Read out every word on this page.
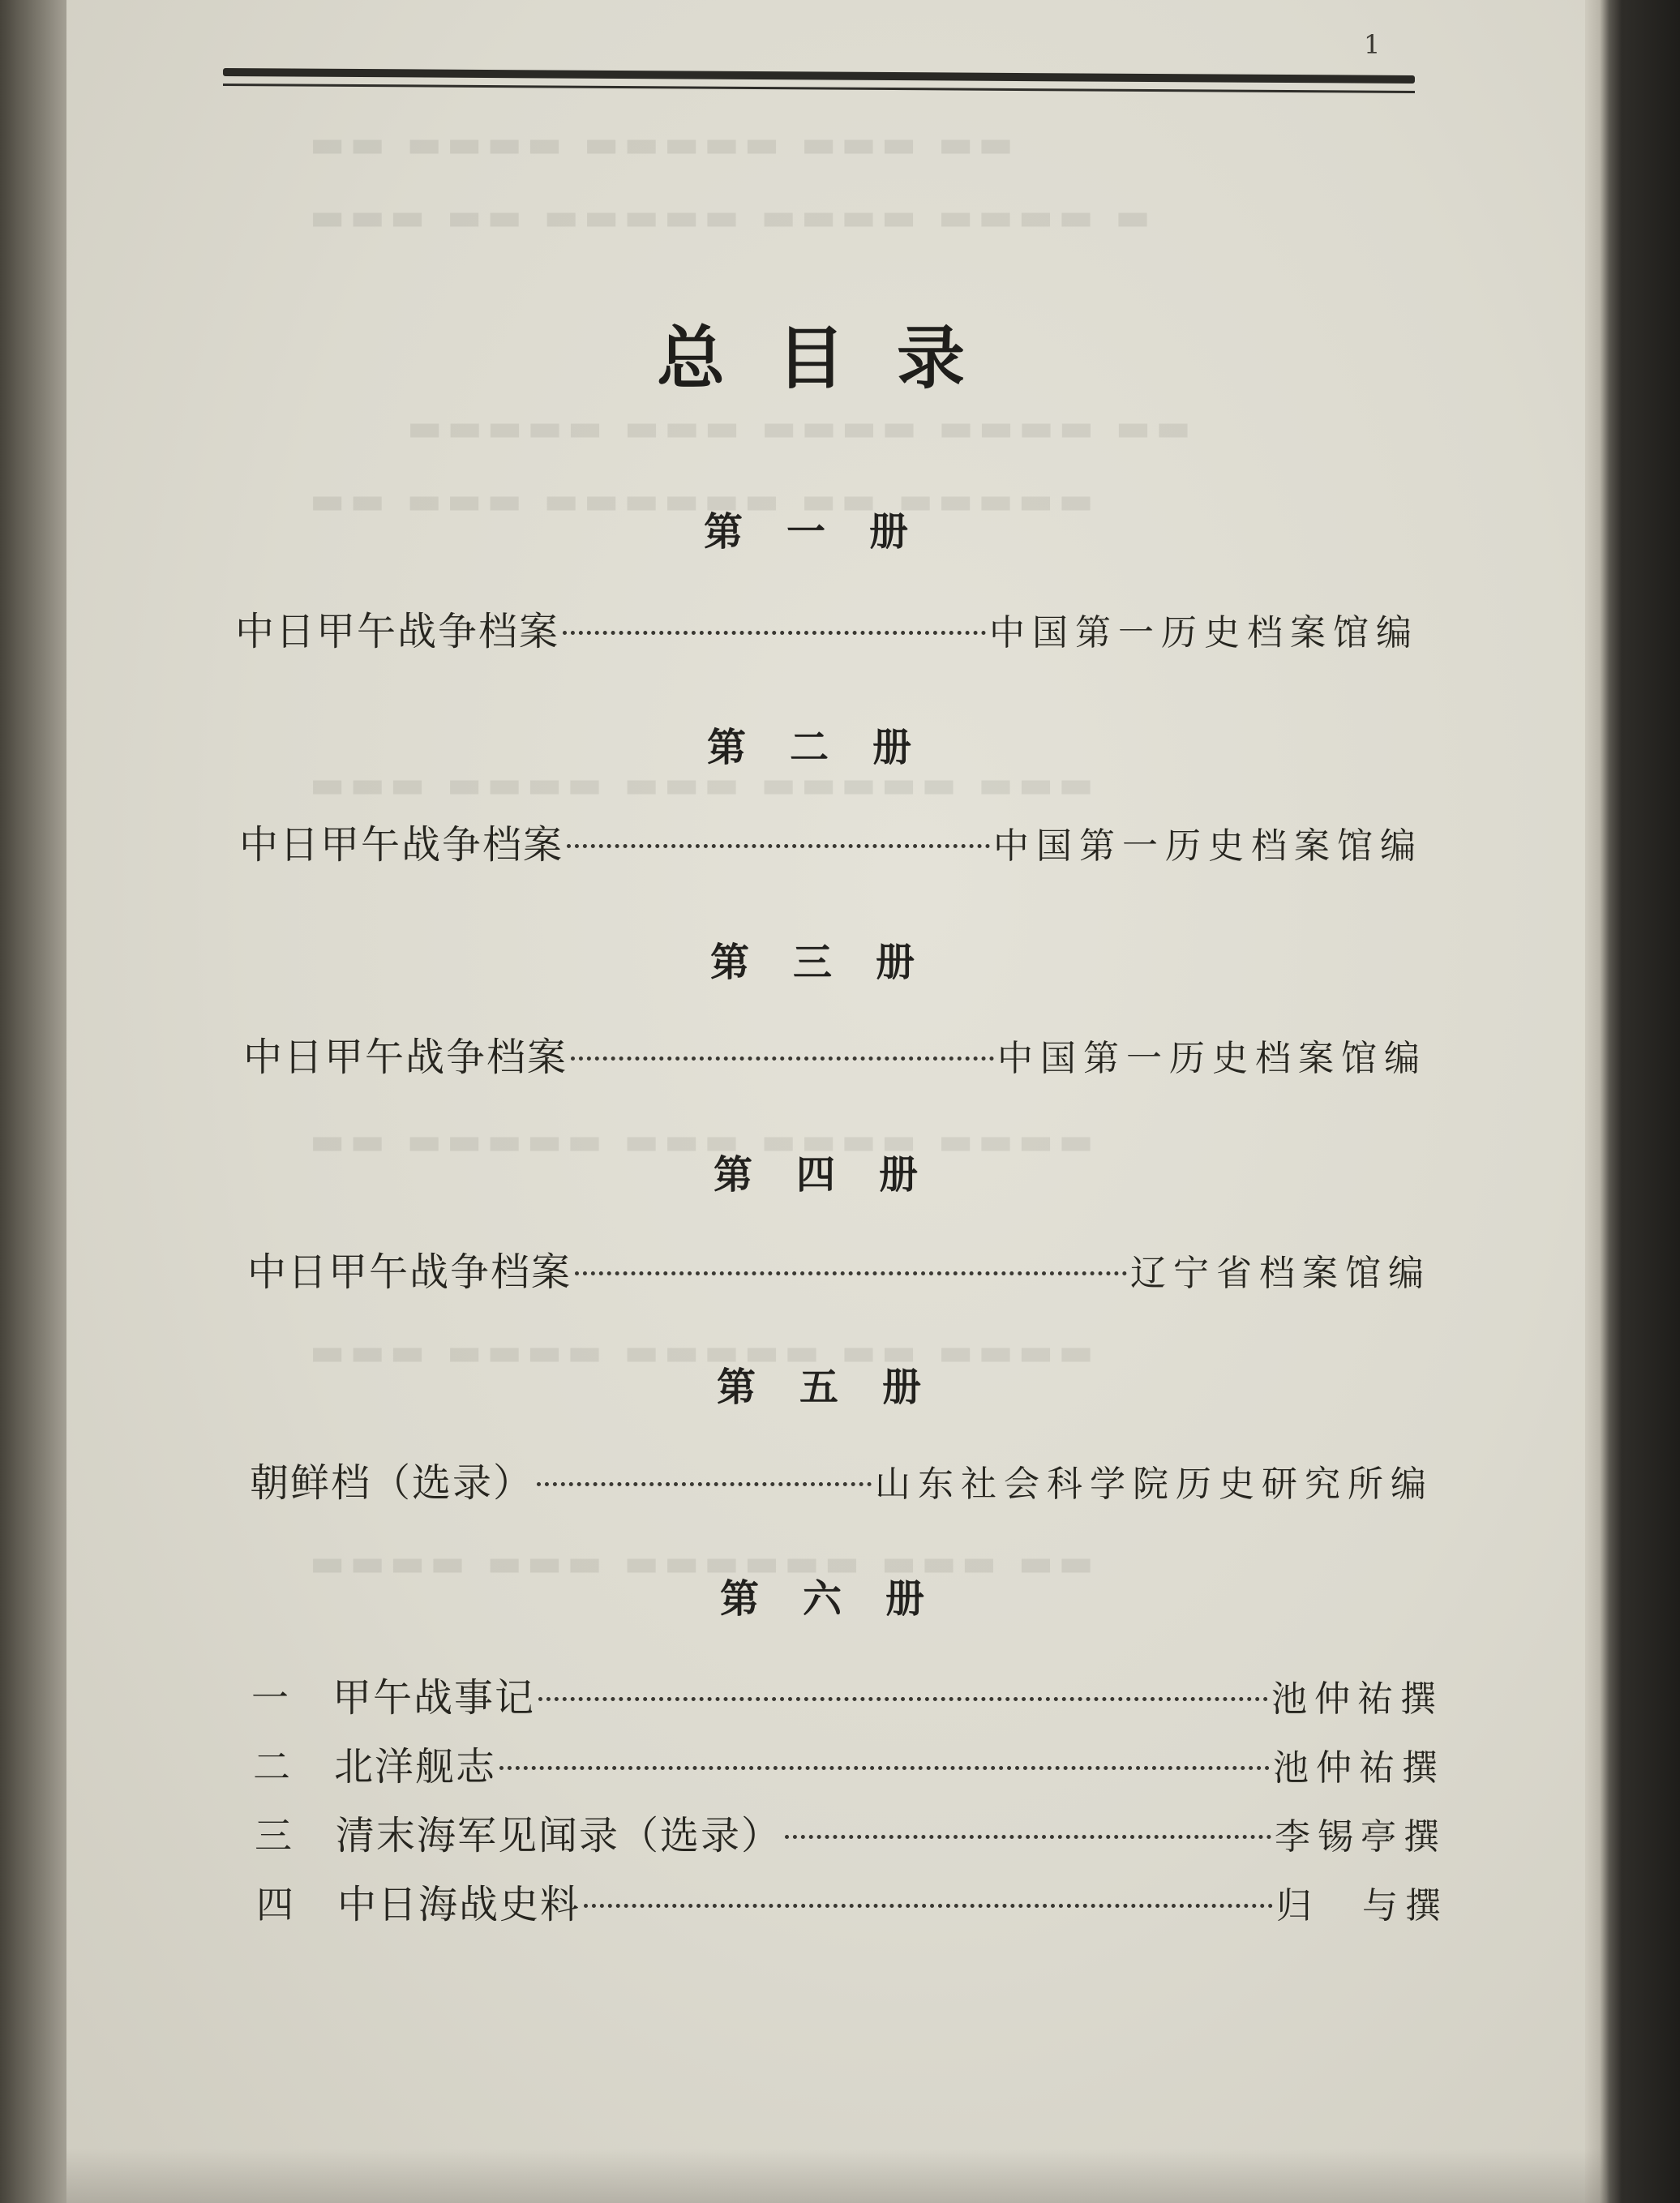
▬▬ ▬▬▬▬ ▬▬▬▬▬ ▬▬▬ ▬▬
▬▬▬ ▬▬ ▬▬▬▬▬ ▬▬▬▬ ▬▬▬▬ ▬
▬▬▬▬▬ ▬▬▬ ▬▬▬▬ ▬▬▬▬ ▬▬
▬▬ ▬▬▬ ▬▬▬▬▬▬ ▬▬ ▬▬▬▬▬
▬▬▬ ▬▬▬▬ ▬▬▬ ▬▬▬▬▬ ▬▬▬
▬▬ ▬▬▬▬▬ ▬▬▬ ▬▬▬▬ ▬▬▬▬
▬▬▬ ▬▬▬▬ ▬▬▬▬▬ ▬▬ ▬▬▬▬
▬▬▬▬ ▬▬▬ ▬▬▬▬▬▬ ▬▬▬ ▬▬
1
总目录
第一册
中日甲午战争档案	中国第一历史档案馆编
第二册
中日甲午战争档案	中国第一历史档案馆编
第三册
中日甲午战争档案	中国第一历史档案馆编
第四册
中日甲午战争档案	辽宁省档案馆编
第五册
朝鲜档（选录）	山东社会科学院历史研究所编
第六册
一	甲午战事记	池仲祐撰
二	北洋舰志	池仲祐撰
三	清末海军见闻录（选录）	李锡亭撰
四	中日海战史料	归　与撰
